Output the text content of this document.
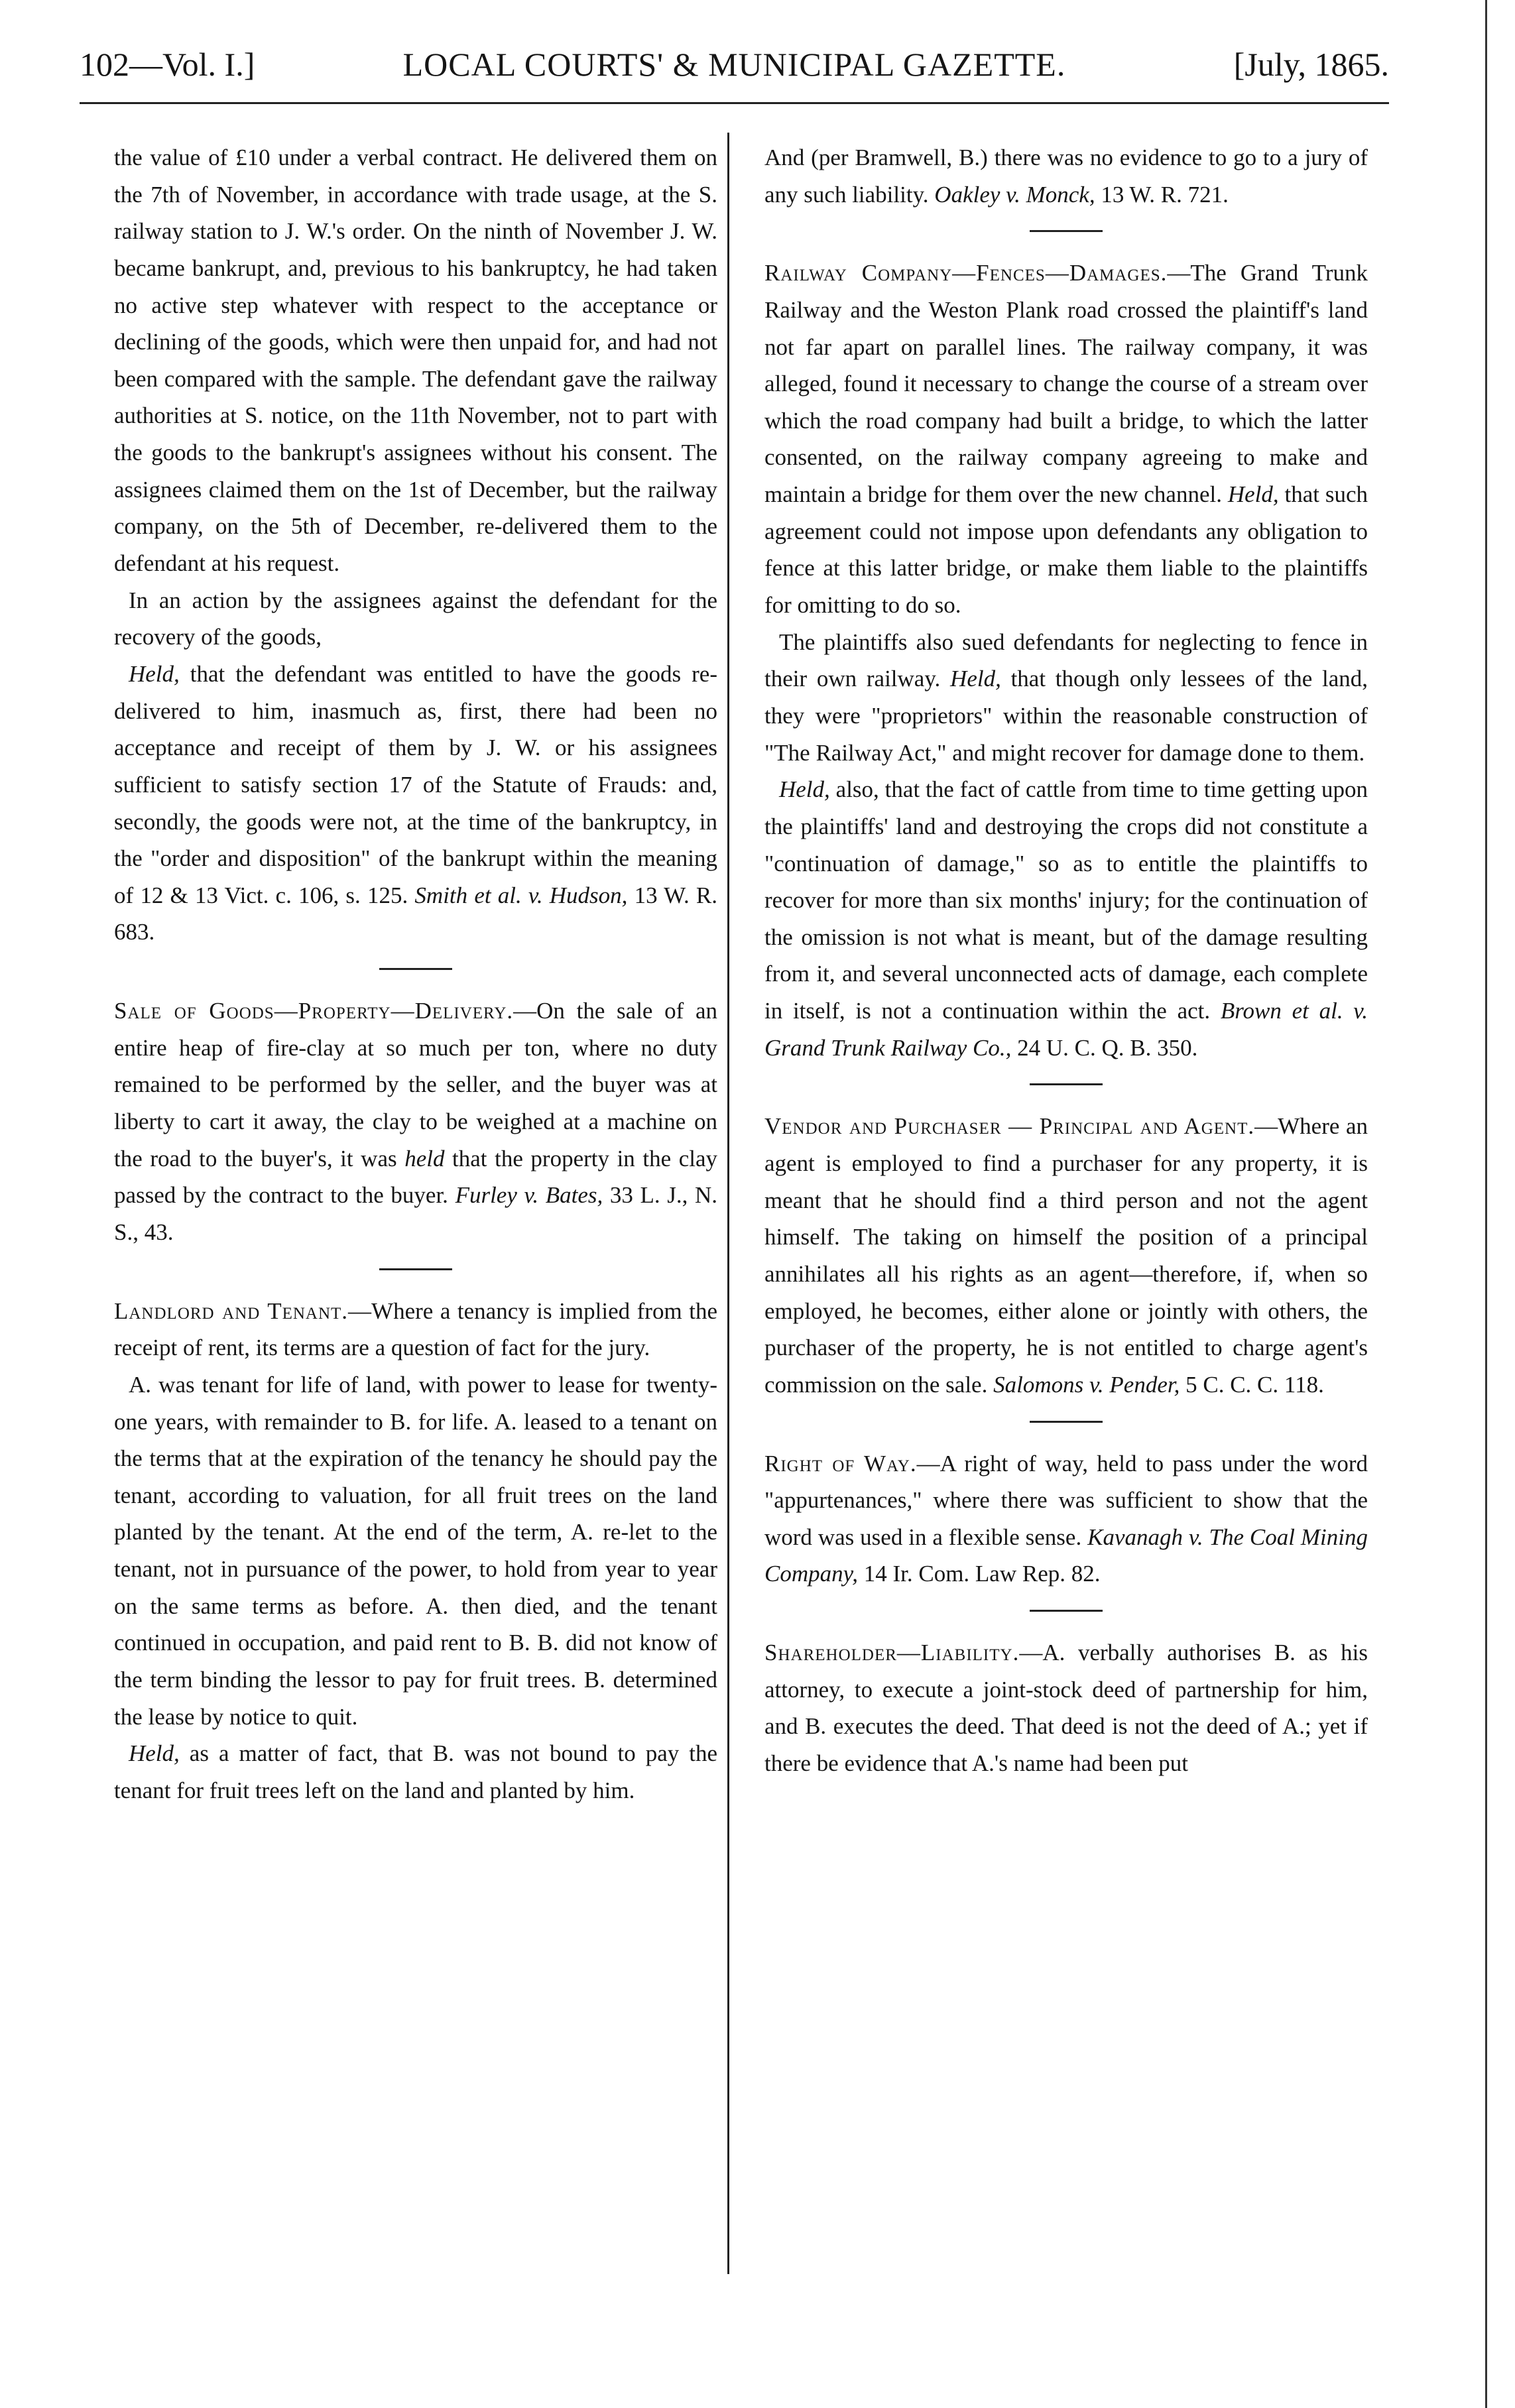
102—Vol. I.]	LOCAL COURTS' & MUNICIPAL GAZETTE.	[July, 1865.

the value of £10 under a verbal contract. He delivered them on the 7th of November, in accordance with trade usage, at the S. railway station to J. W.'s order. On the ninth of November J. W. became bankrupt, and, previous to his bankruptcy, he had taken no active step whatever with respect to the acceptance or declining of the goods, which were then unpaid for, and had not been compared with the sample. The defendant gave the railway authorities at S. notice, on the 11th November, not to part with the goods to the bankrupt's assignees without his consent. The assignees claimed them on the 1st of December, but the railway company, on the 5th of December, re-delivered them to the defendant at his request.

In an action by the assignees against the defendant for the recovery of the goods,

Held, that the defendant was entitled to have the goods re-delivered to him, inasmuch as, first, there had been no acceptance and receipt of them by J. W. or his assignees sufficient to satisfy section 17 of the Statute of Frauds: and, secondly, the goods were not, at the time of the bankruptcy, in the "order and disposition" of the bankrupt within the meaning of 12 & 13 Vict. c. 106, s. 125. Smith et al. v. Hudson, 13 W. R. 683.

Sale of Goods—Property—Delivery.—On the sale of an entire heap of fire-clay at so much per ton, where no duty remained to be performed by the seller, and the buyer was at liberty to cart it away, the clay to be weighed at a machine on the road to the buyer's, it was held that the property in the clay passed by the contract to the buyer. Furley v. Bates, 33 L. J., N. S., 43.

Landlord and Tenant.—Where a tenancy is implied from the receipt of rent, its terms are a question of fact for the jury.

A. was tenant for life of land, with power to lease for twenty-one years, with remainder to B. for life. A. leased to a tenant on the terms that at the expiration of the tenancy he should pay the tenant, according to valuation, for all fruit trees on the land planted by the tenant. At the end of the term, A. re-let to the tenant, not in pursuance of the power, to hold from year to year on the same terms as before. A. then died, and the tenant continued in occupation, and paid rent to B. B. did not know of the term binding the lessor to pay for fruit trees. B. determined the lease by notice to quit.

Held, as a matter of fact, that B. was not bound to pay the tenant for fruit trees left on the land and planted by him.

And (per Bramwell, B.) there was no evidence to go to a jury of any such liability. Oakley v. Monck, 13 W. R. 721.

Railway Company—Fences—Damages.—The Grand Trunk Railway and the Weston Plank road crossed the plaintiff's land not far apart on parallel lines. The railway company, it was alleged, found it necessary to change the course of a stream over which the road company had built a bridge, to which the latter consented, on the railway company agreeing to make and maintain a bridge for them over the new channel. Held, that such agreement could not impose upon defendants any obligation to fence at this latter bridge, or make them liable to the plaintiffs for omitting to do so.

The plaintiffs also sued defendants for neglecting to fence in their own railway. Held, that though only lessees of the land, they were "proprietors" within the reasonable construction of "The Railway Act," and might recover for damage done to them.

Held, also, that the fact of cattle from time to time getting upon the plaintiffs' land and destroying the crops did not constitute a "continuation of damage," so as to entitle the plaintiffs to recover for more than six months' injury; for the continuation of the omission is not what is meant, but of the damage resulting from it, and several unconnected acts of damage, each complete in itself, is not a continuation within the act. Brown et al. v. Grand Trunk Railway Co., 24 U. C. Q. B. 350.

Vendor and Purchaser — Principal and Agent.—Where an agent is employed to find a purchaser for any property, it is meant that he should find a third person and not the agent himself. The taking on himself the position of a principal annihilates all his rights as an agent—therefore, if, when so employed, he becomes, either alone or jointly with others, the purchaser of the property, he is not entitled to charge agent's commission on the sale. Salomons v. Pender, 5 C. C. C. 118.

Right of Way.—A right of way, held to pass under the word "appurtenances," where there was sufficient to show that the word was used in a flexible sense. Kavanagh v. The Coal Mining Company, 14 Ir. Com. Law Rep. 82.

Shareholder—Liability.—A. verbally authorises B. as his attorney, to execute a joint-stock deed of partnership for him, and B. executes the deed. That deed is not the deed of A.; yet if there be evidence that A.'s name had been put
